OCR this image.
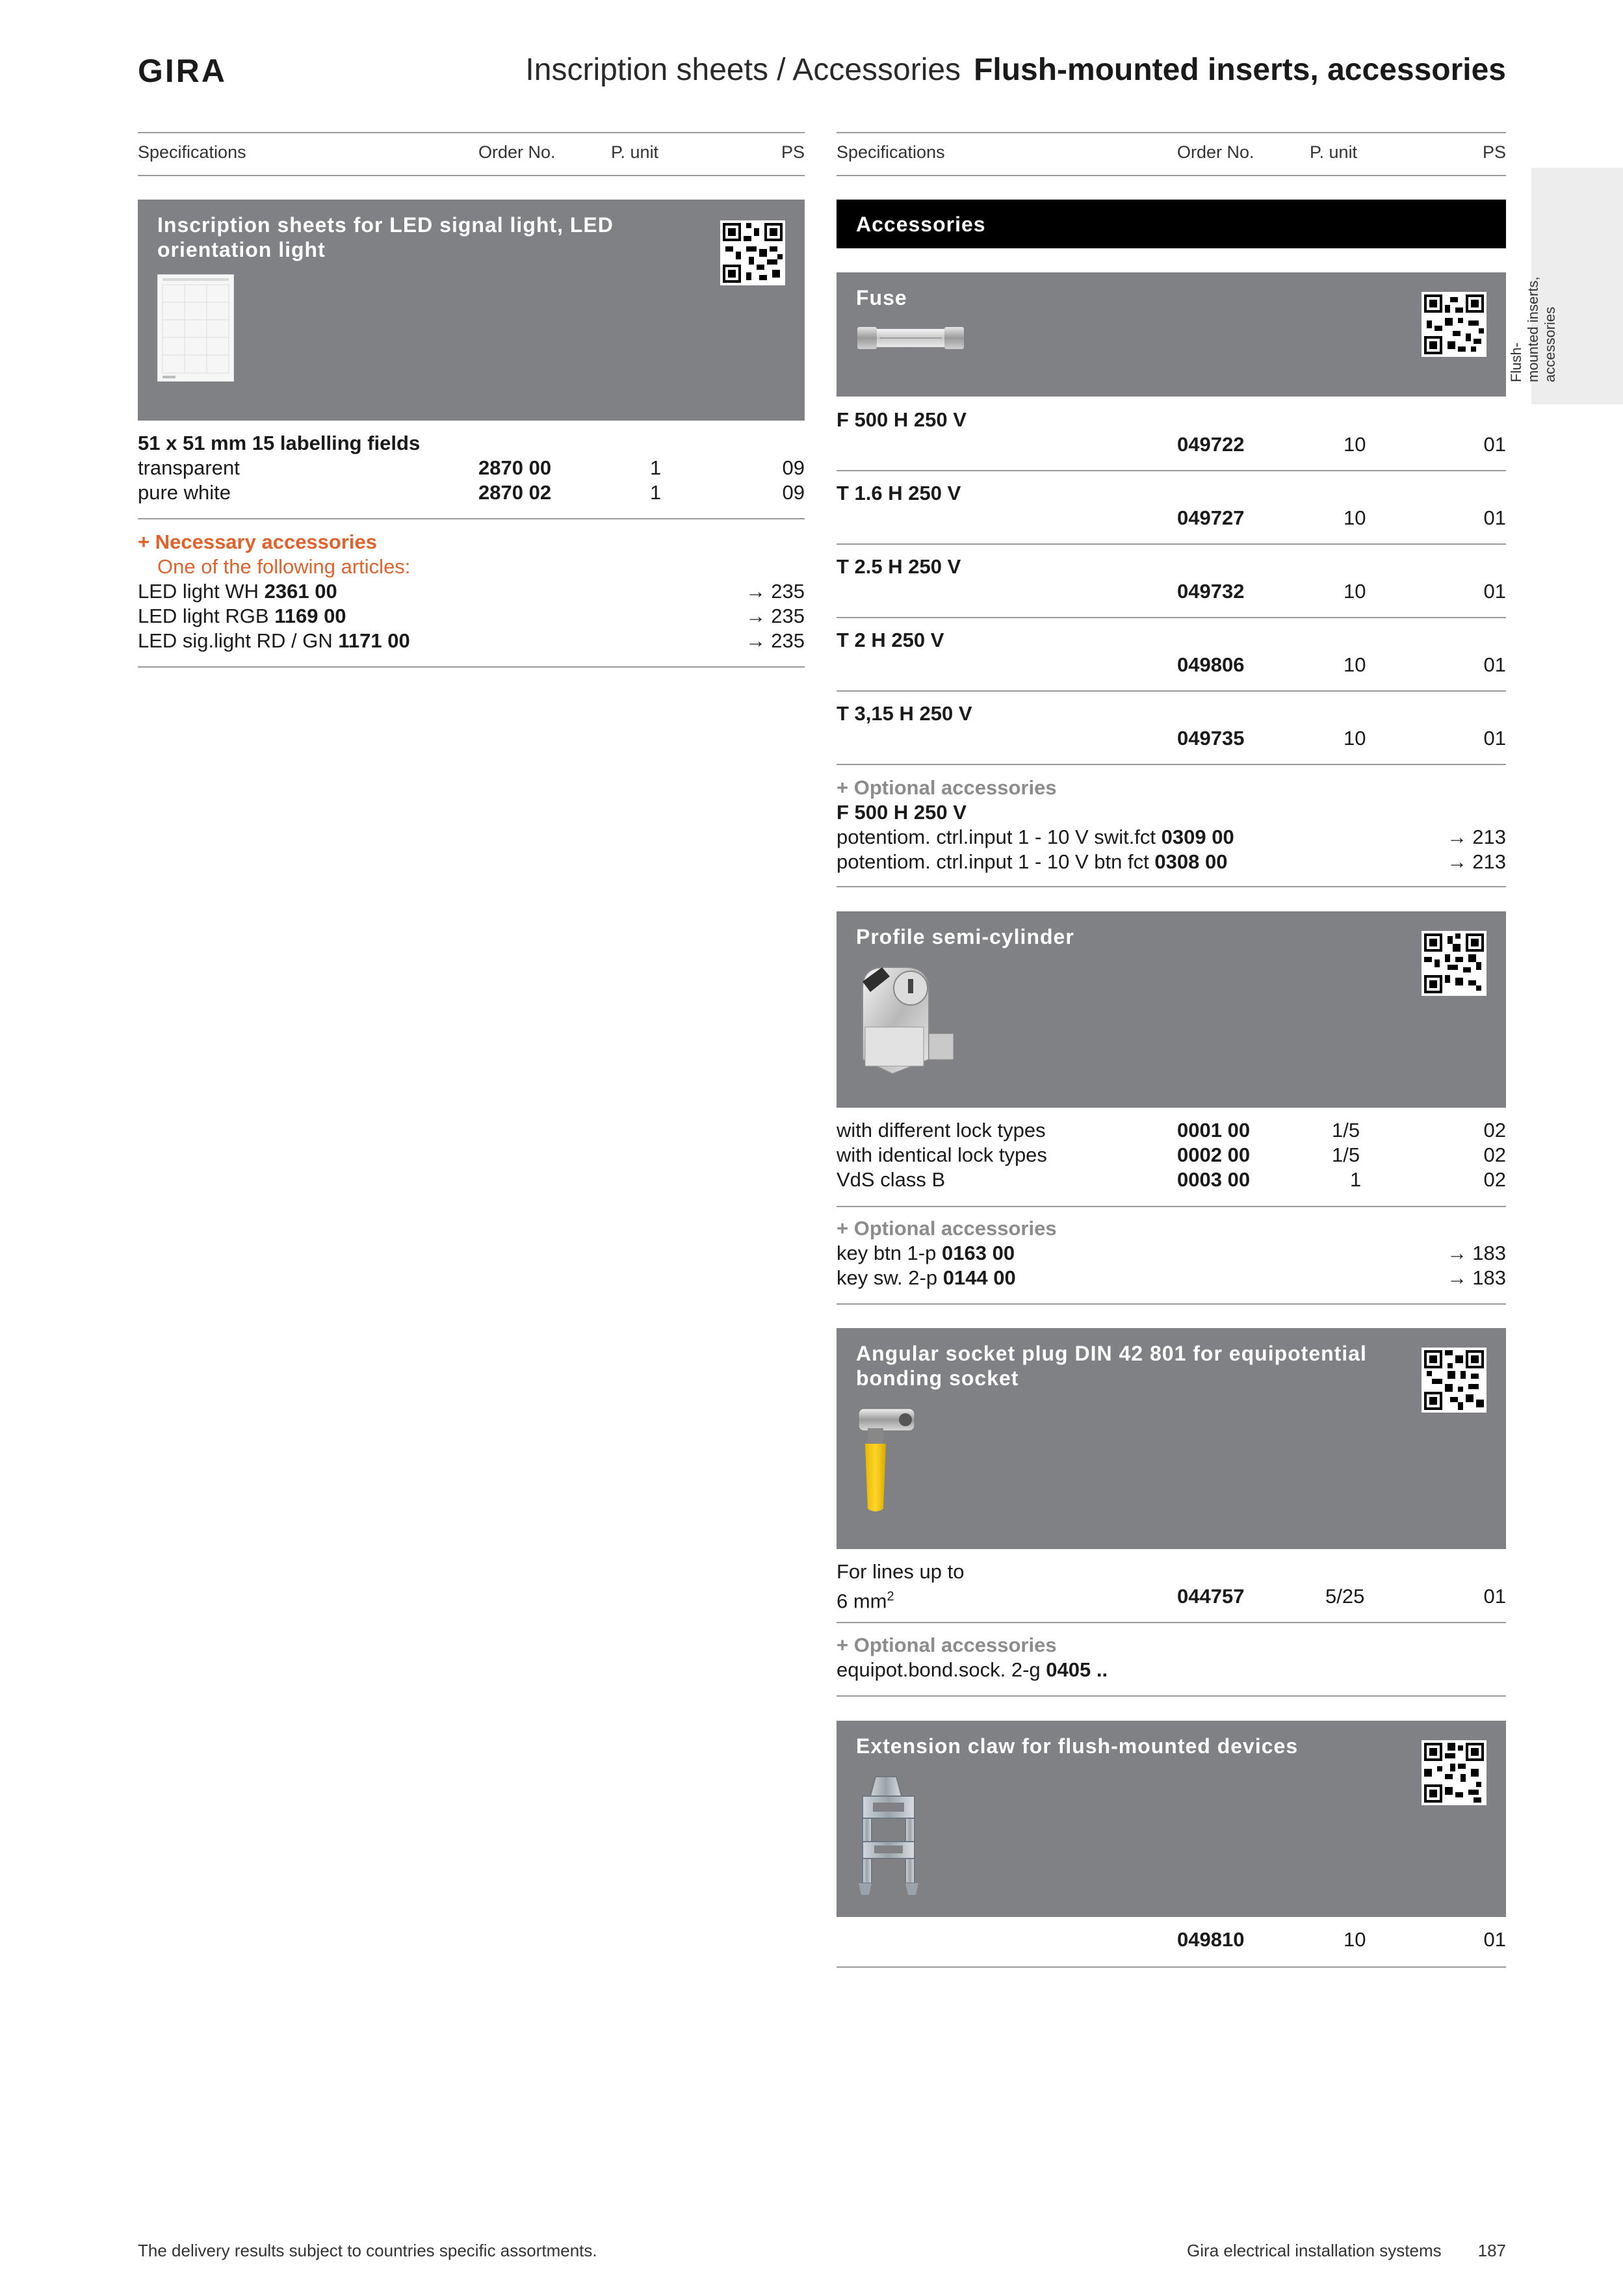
GIRA	Inscription sheets / Accessories Flush-mounted inserts, accessories
Flush- mounted inserts, accessories
Specifications	Order No.	P. unit	PS
Inscription sheets for LED signal light, LED
orientation light
51 x 51 mm 15 labelling fields
transparent	2870 00	1	09
pure white	2870 02	1	09
+ Necessary accessories
One of the following articles:
LED light WH 2361 00	→ 235
LED light RGB 1169 00	→ 235
LED sig.light RD / GN 1171 00	→ 235
Specifications	Order No.	P. unit	PS
Accessories
Fuse
F 500 H 250 V
049722	10	01
T 1.6 H 250 V
049727	10	01
T 2.5 H 250 V
049732	10	01
T 2 H 250 V
049806	10	01
T 3,15 H 250 V
049735	10	01
+ Optional accessories
F 500 H 250 V
potentiom. ctrl.input 1 - 10 V swit.fct 0309 00	→ 213
potentiom. ctrl.input 1 - 10 V btn fct 0308 00	→ 213
Profile semi-cylinder
with different lock types	0001 00	1/5	02
with identical lock types	0002 00	1/5	02
VdS class B	0003 00	1	02
+ Optional accessories
key btn 1-p 0163 00	→ 183
key sw. 2-p 0144 00	→ 183
Angular socket plug DIN 42 801 for equipotential
bonding socket
For lines up to
6 $mm^2$	044757	5/25	01
+ Optional accessories
equipot.bond.sock. 2-g 0405 ..
Extension claw for flush-mounted devices
049810	10	01
The delivery results subject to countries specific assortments.	Gira electrical installation systems 187
